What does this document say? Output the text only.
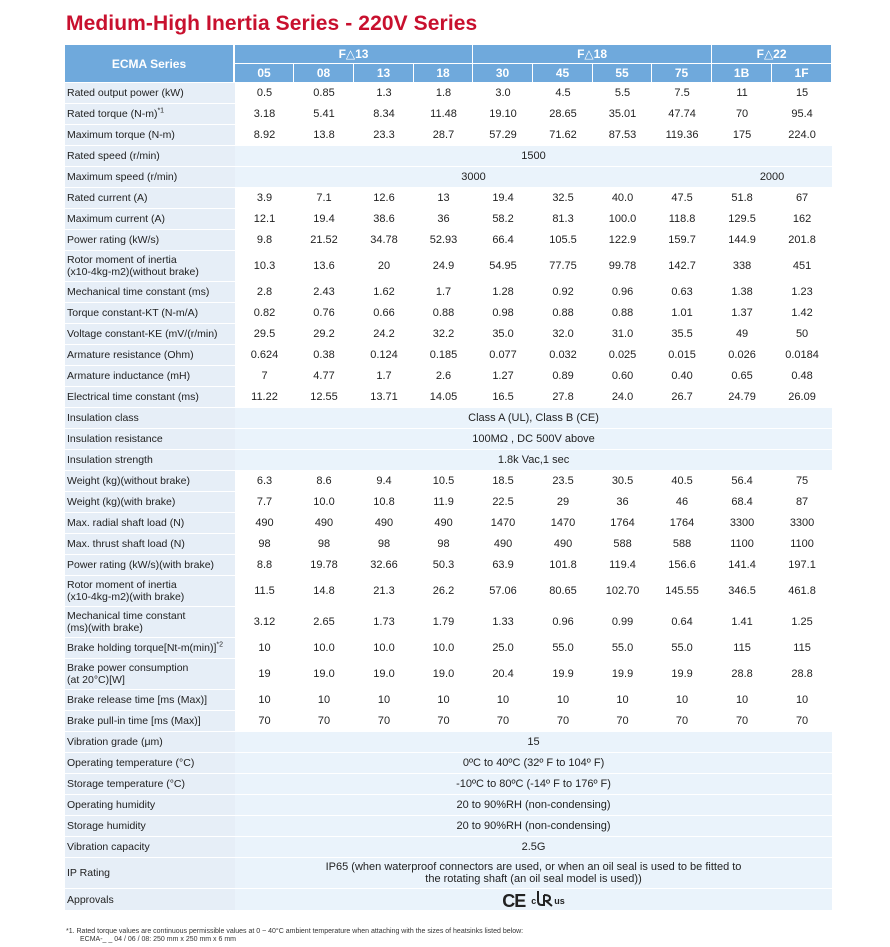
Medium-High Inertia Series - 220V Series
ECMA Series	F△13				F△18				F△22	
	05	08	13	18	30	45	55	75	1B	1F
Rated output power (kW)	0.5	0.85	1.3	1.8	3.0	4.5	5.5	7.5	11	15
Rated torque $(N-m)^{*1}$	3.18	5.41	8.34	11.48	19.10	28.65	35.01	47.74	70	95.4
Maximum torque (N-m)	8.92	13.8	23.3	28.7	57.29	71.62	87.53	119.36	175	224.0
Rated speed (r/min)	1500									
Maximum speed (r/min)	3000								2000	
Rated current (A)	3.9	7.1	12.6	13	19.4	32.5	40.0	47.5	51.8	67
Maximum current (A)	12.1	19.4	38.6	36	58.2	81.3	100.0	118.8	129.5	162
Power rating (kW/s)	9.8	21.52	34.78	52.93	66.4	105.5	122.9	159.7	144.9	201.8
Rotor moment of inertia
(x10-4kg-m2)(without brake)	10.3	13.6	20	24.9	54.95	77.75	99.78	142.7	338	451
Mechanical time constant (ms)	2.8	2.43	1.62	1.7	1.28	0.92	0.96	0.63	1.38	1.23
Torque constant-KT (N-m/A)	0.82	0.76	0.66	0.88	0.98	0.88	0.88	1.01	1.37	1.42
Voltage constant-KE (mV/(r/min)	29.5	29.2	24.2	32.2	35.0	32.0	31.0	35.5	49	50
Armature resistance (Ohm)	0.624	0.38	0.124	0.185	0.077	0.032	0.025	0.015	0.026	0.0184
Armature inductance (mH)	7	4.77	1.7	2.6	1.27	0.89	0.60	0.40	0.65	0.48
Electrical time constant (ms)	11.22	12.55	13.71	14.05	16.5	27.8	24.0	26.7	24.79	26.09
Insulation class	Class A (UL), Class B (CE)									
Insulation resistance	100MΩ , DC 500V above									
Insulation strength	1.8k Vac,1 sec									
Weight (kg)(without brake)	6.3	8.6	9.4	10.5	18.5	23.5	30.5	40.5	56.4	75
Weight (kg)(with brake)	7.7	10.0	10.8	11.9	22.5	29	36	46	68.4	87
Max. radial shaft load (N)	490	490	490	490	1470	1470	1764	1764	3300	3300
Max. thrust shaft load (N)	98	98	98	98	490	490	588	588	1100	1100
Power rating (kW/s)(with brake)	8.8	19.78	32.66	50.3	63.9	101.8	119.4	156.6	141.4	197.1
Rotor moment of inertia
(x10-4kg-m2)(with brake)	11.5	14.8	21.3	26.2	57.06	80.65	102.70	145.55	346.5	461.8
Mechanical time constant
(ms)(with brake)	3.12	2.65	1.73	1.79	1.33	0.96	0.99	0.64	1.41	1.25
Brake holding $torque[Nt-m(\min)]^{*2}$	10	10.0	10.0	10.0	25.0	55.0	55.0	55.0	115	115
Brake power consumption
(at 20°C)[W]	19	19.0	19.0	19.0	20.4	19.9	19.9	19.9	28.8	28.8
Brake release time [ms (Max)]	10	10	10	10	10	10	10	10	10	10
Brake pull-in time [ms (Max)]	70	70	70	70	70	70	70	70	70	70
Vibration grade (μm)	15									
Operating temperature (°C)	0ºC to 40ºC (32º F to 104º F)									
Storage temperature (°C)	-10ºC to 80ºC (-14º F to 176º F)									
Operating humidity	20 to 90%RH (non-condensing)									
Storage humidity	20 to 90%RH (non-condensing)									
Vibration capacity	2.5G									
IP Rating	IP65 (when waterproof connectors are used, or when an oil seal is used to be fitted to
the rotating shaft (an oil seal model is used))									
Approvals	CE c us									
*1. Rated torque values are continuous permissible values at 0 ~ 40°C ambient temperature when attaching with the sizes of heatsinks listed below:
ECMA-_ _ 04 / 06 / 08: 250 mm x 250 mm x 6 mm
